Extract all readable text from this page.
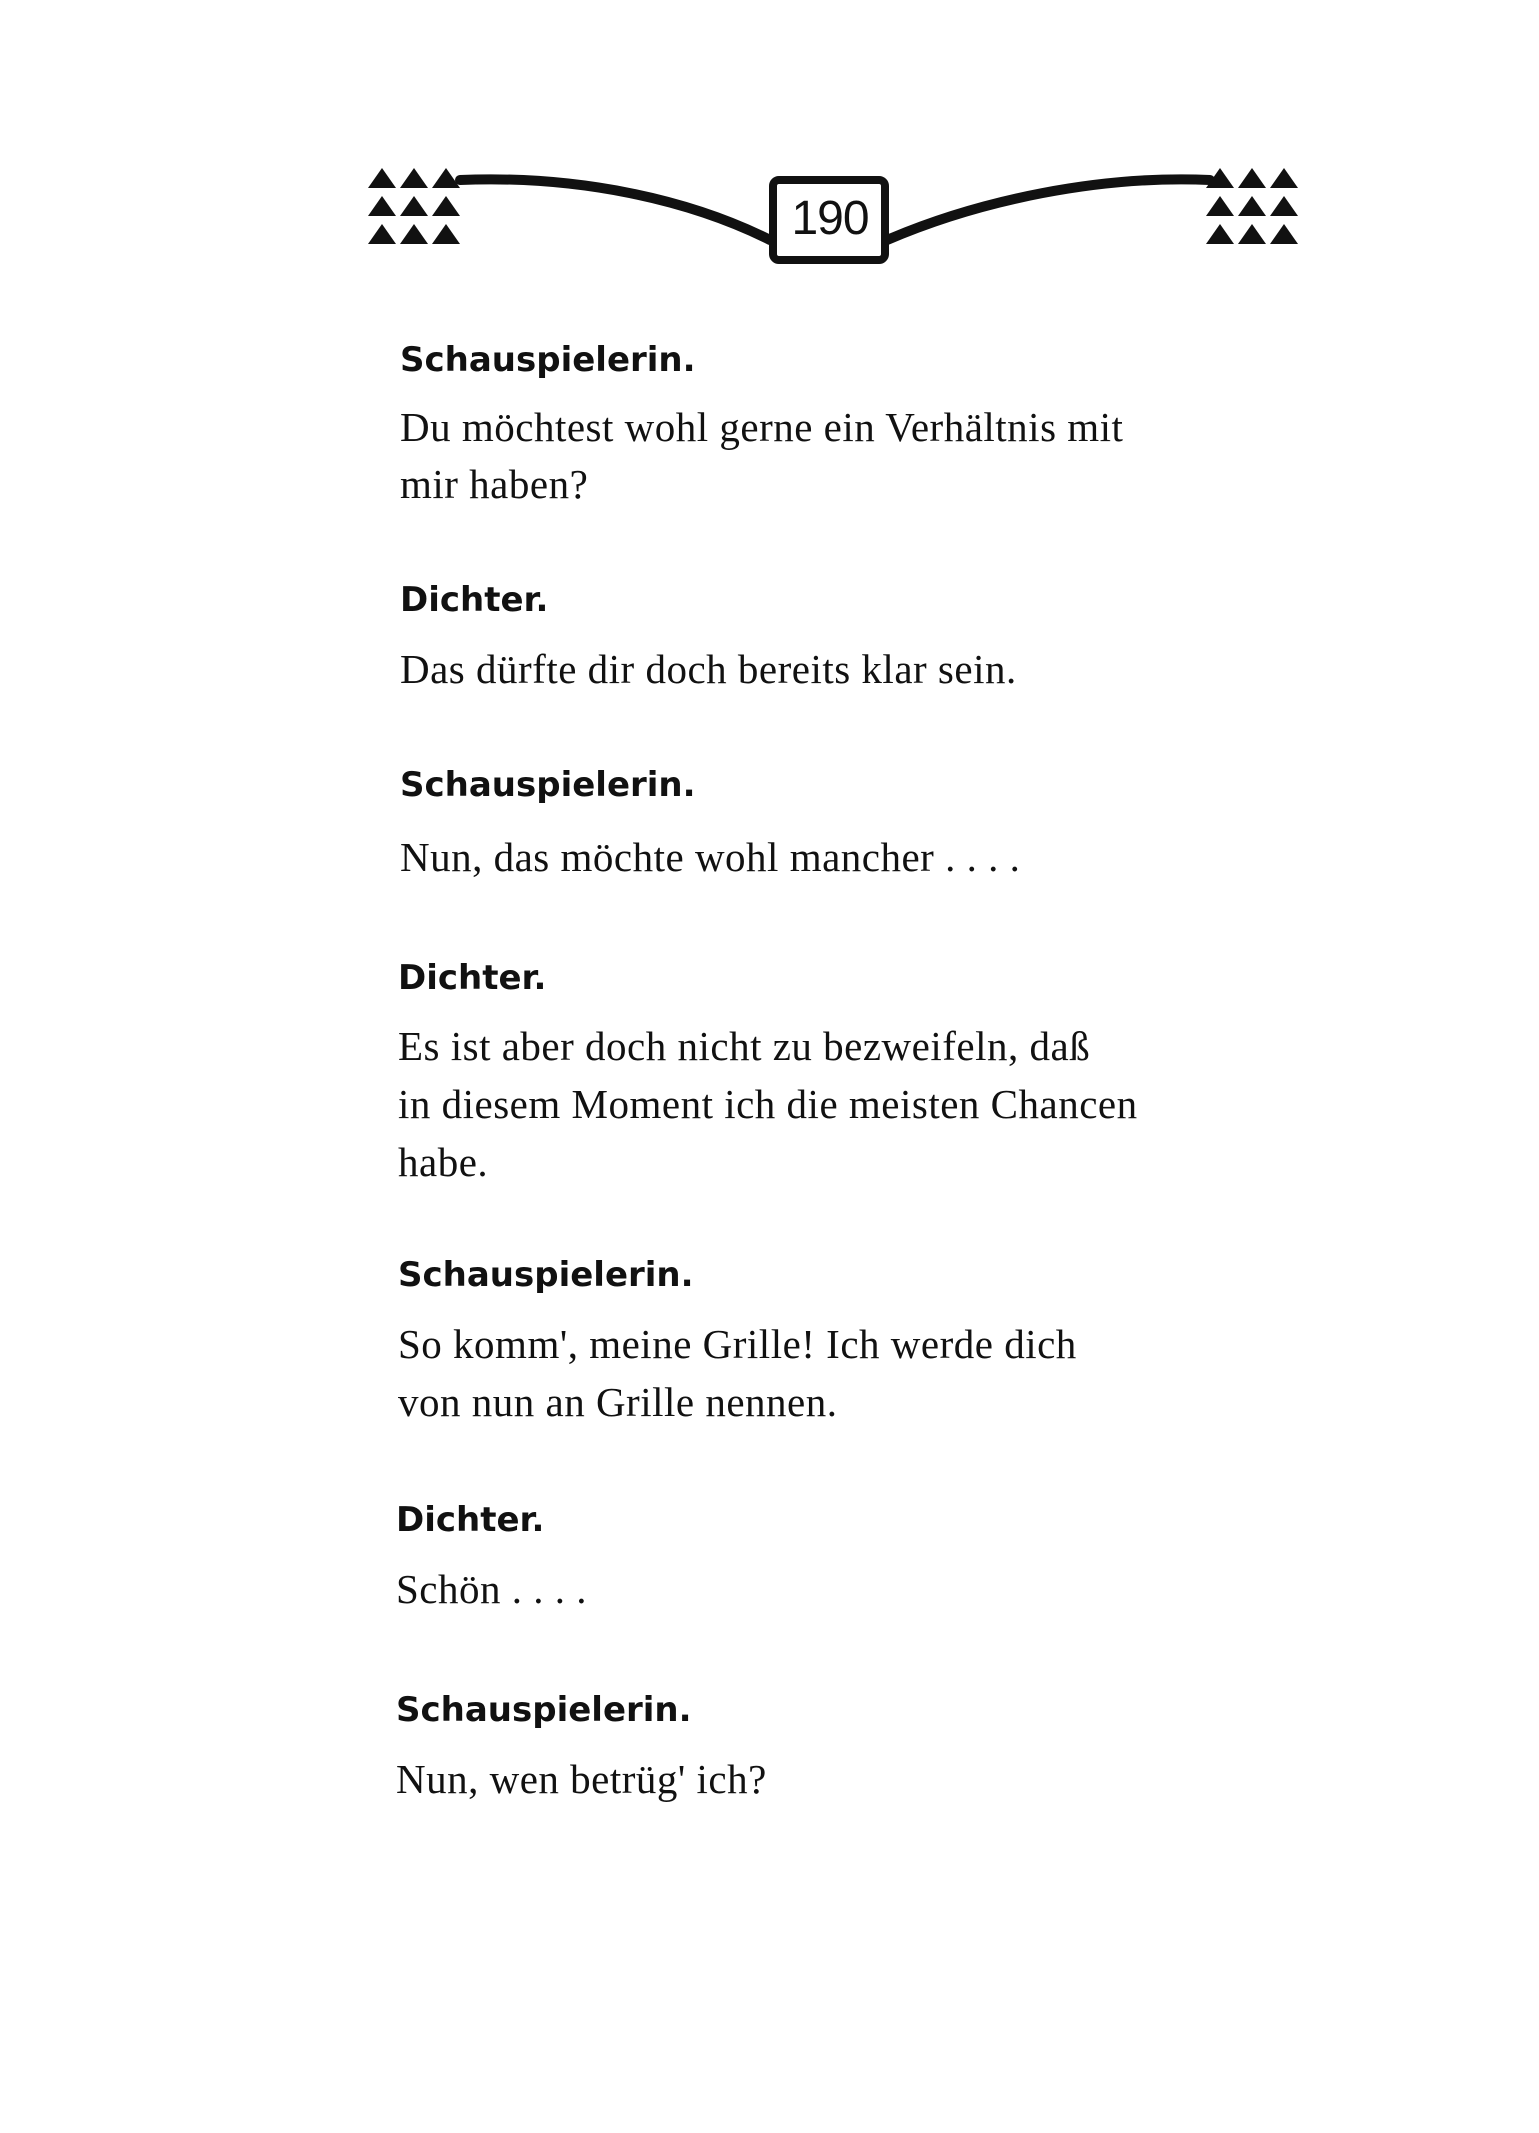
190
Schauspielerin.
Du möchtest wohl gerne ein Verhältnis mit
mir haben?
Dichter.
Das dürfte dir doch bereits klar sein.
Schauspielerin.
Nun, das möchte wohl mancher . . . .
Dichter.
Es ist aber doch nicht zu bezweifeln, daß
in diesem Moment ich die meisten Chancen
habe.
Schauspielerin.
So komm', meine Grille! Ich werde dich
von nun an Grille nennen.
Dichter.
Schön . . . .
Schauspielerin.
Nun, wen betrüg' ich?
